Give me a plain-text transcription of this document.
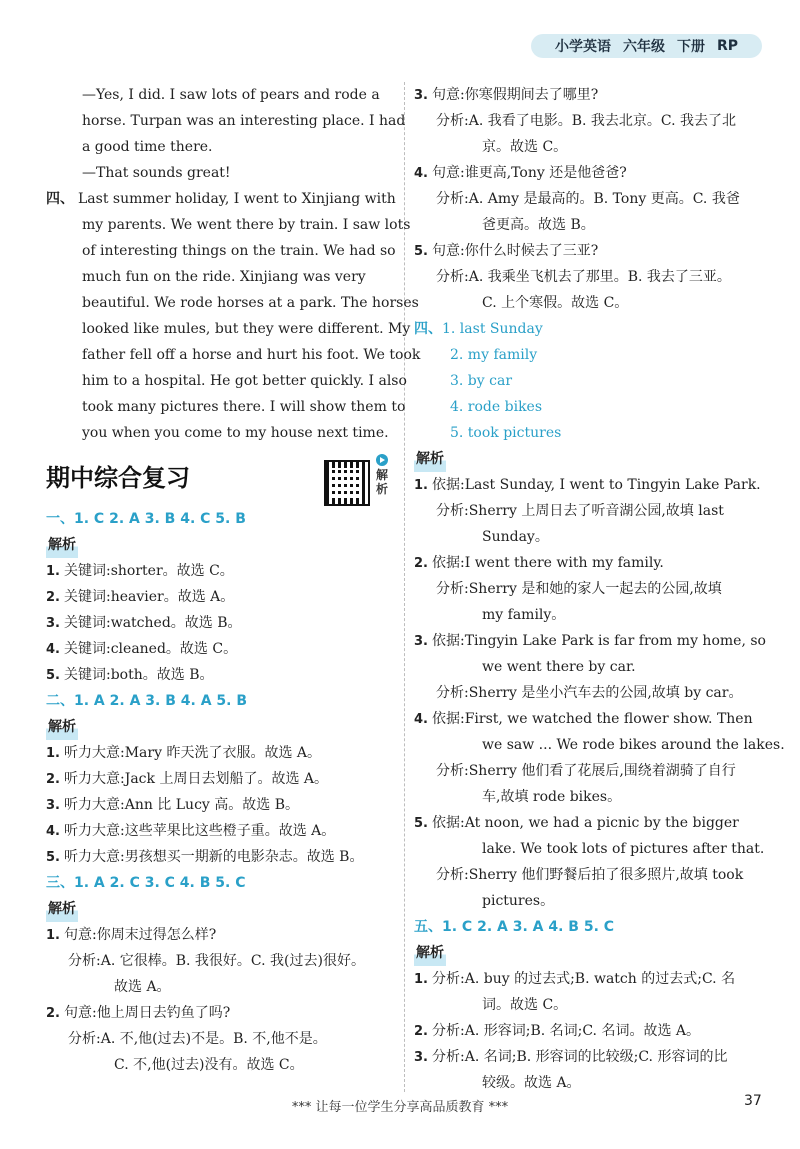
小学英语 六年级 下册 RP
—Yes, I did. I saw lots of pears and rode a
horse. Turpan was an interesting place. I had
a good time there.
—That sounds great!
四、 Last summer holiday, I went to Xinjiang with
my parents. We went there by train. I saw lots
of interesting things on the train. We had so
much fun on the ride. Xinjiang was very
beautiful. We rode horses at a park. The horses
looked like mules, but they were different. My
father fell off a horse and hurt his foot. We took
him to a hospital. He got better quickly. I also
took many pictures there. I will show them to
you when you come to my house next time.
期中综合复习	解析
一、1. C 2. A 3. B 4. C 5. B
解析
1. 关键词:shorter。故选 C。
2. 关键词:heavier。故选 A。
3. 关键词:watched。故选 B。
4. 关键词:cleaned。故选 C。
5. 关键词:both。故选 B。
二、1. A 2. A 3. B 4. A 5. B
解析
1. 听力大意:Mary 昨天洗了衣服。故选 A。
2. 听力大意:Jack 上周日去划船了。故选 A。
3. 听力大意:Ann 比 Lucy 高。故选 B。
4. 听力大意:这些苹果比这些橙子重。故选 A。
5. 听力大意:男孩想买一期新的电影杂志。故选 B。
三、1. A 2. C 3. C 4. B 5. C
解析
1. 句意:你周末过得怎么样?
分析:A. 它很棒。B. 我很好。C. 我(过去)很好。
故选 A。
2. 句意:他上周日去钓鱼了吗?
分析:A. 不,他(过去)不是。B. 不,他不是。
C. 不,他(过去)没有。故选 C。
3. 句意:你寒假期间去了哪里?
分析:A. 我看了电影。B. 我去北京。C. 我去了北
京。故选 C。
4. 句意:谁更高,Tony 还是他爸爸?
分析:A. Amy 是最高的。B. Tony 更高。C. 我爸
爸更高。故选 B。
5. 句意:你什么时候去了三亚?
分析:A. 我乘坐飞机去了那里。B. 我去了三亚。
C. 上个寒假。故选 C。
四、1. last Sunday
2. my family
3. by car
4. rode bikes
5. took pictures
解析
1. 依据:Last Sunday, I went to Tingyin Lake Park.
分析:Sherry 上周日去了听音湖公园,故填 last
Sunday。
2. 依据:I went there with my family.
分析:Sherry 是和她的家人一起去的公园,故填
my family。
3. 依据:Tingyin Lake Park is far from my home, so
we went there by car.
分析:Sherry 是坐小汽车去的公园,故填 by car。
4. 依据:First, we watched the flower show. Then
we saw ... We rode bikes around the lakes.
分析:Sherry 他们看了花展后,围绕着湖骑了自行
车,故填 rode bikes。
5. 依据:At noon, we had a picnic by the bigger
lake. We took lots of pictures after that.
分析:Sherry 他们野餐后拍了很多照片,故填 took
pictures。
五、1. C 2. A 3. A 4. B 5. C
解析
1. 分析:A. buy 的过去式;B. watch 的过去式;C. 名
词。故选 C。
2. 分析:A. 形容词;B. 名词;C. 名词。故选 A。
3. 分析:A. 名词;B. 形容词的比较级;C. 形容词的比
较级。故选 A。
*** 让每一位学生分享高品质教育 ***	37
